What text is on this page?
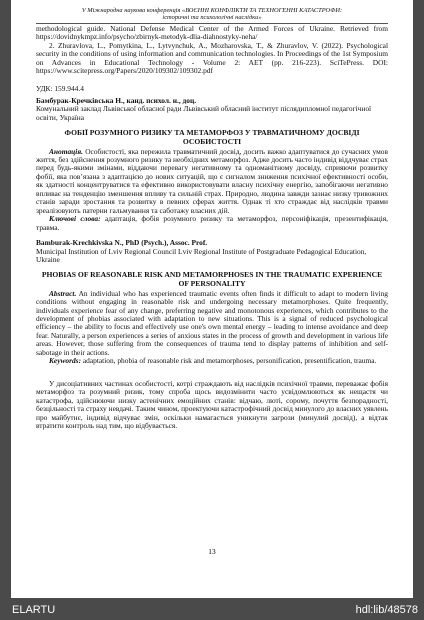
V Міжнародна наукова конференція «ВОЄННІ КОНФЛІКТИ ТА ТЕХНОГЕННІ КАТАСТРОФИ:
історичні та психологічні наслідки»

methodological guide. National Defense Medical Center of the Armed Forces of Ukraine. Retrieved from https://dovidnykmpz.info/psycho/zbirnyk-metodyk-dlia-diahnostyky-neha/

2. Zhuravlova, L., Pomytkina, L., Lytvynchuk, A., Mozharovska, T., & Zhuravlov, V. (2022). Psychological security in the conditions of using information and communication technologies. In Proceedings of the 1st Symposium on Advances in Educational Technology - Volume 2: AET (pp. 216-223). SciTePress. DOI: https://www.scitepress.org/Papers/2020/109302/109302.pdf

УДК: 159.944.4

Бамбурак-Кречківська Н., канд. психол. н., доц.

Комунальний заклад Львівської обласної ради Львівський обласний інститут післядипломної педагогічної освіти, Україна

ФОБІЇ РОЗУМНОГО РИЗИКУ ТА МЕТАМОРФОЗ У ТРАВМАТИЧНОМУ ДОСВІДІ ОСОБИСТОСТІ

Анотація. Особистості, яка пережила травматичний досвід, досить важко адаптуватися до сучасних умов життя, без здійснення розумного ризику та необхідних метаморфоз. Адже досить часто індивід віддчуває страх перед будь-якими змінами, віддаючи перевагу негативному та одноманітному досвіду, сприяючи розвитку фобії, яка пов’язана з адаптацією до нових ситуацій, що є сигналом зниження психічної ефективності особи, як здатності концентруватися та ефективно використовувати власну психічну енергію, запобігаючи негативно впливає на тенденцію зменшення впливу та сильній страх. Природно, людина завжди зазнає низку тривожних станів заради зростання та розвитку в певних сферах життя. Однак ті хто страждає від наслідків травми зреалізовують патерни гальмування та саботажу власних дій.

Ключові слова: адаптація, фобія розумного ризику та метаморфоз, персоніфікація, презентифікація, травма.

Bamburak-Krechkivska N., PhD (Psych.), Assoc. Prof.

Municipal Institution of Lviv Regional Council Lviv Regional Institute of Postgraduate Pedagogical Education, Ukraine

PHOBIAS OF REASONABLE RISK AND METAMORPHOSES IN THE TRAUMATIC EXPERIENCE OF PERSONALITY

Abstract. An individual who has experienced traumatic events often finds it difficult to adapt to modern living conditions without engaging in reasonable risk and undergoing necessary metamorphoses. Quite frequently, individuals experience fear of any change, preferring negative and monotonous experiences, which contributes to the development of phobias associated with adaptation to new situations. This is a signal of reduced psychological efficiency – the ability to focus and effectively use one's own mental energy – leading to intense avoidance and deep fear. Naturally, a person experiences a series of anxious states in the process of growth and development in various life areas. However, those suffering from the consequences of trauma tend to display patterns of inhibition and self-sabotage in their actions.

Keywords: adaptation, phobia of reasonable risk and metamorphoses, personification, presentification, trauma.

У дисоціативних частинах особистості, котрі страждають від наслідків психічної травми, переважає фобія метаморфоз та розумний ризик, тому спроба щось видозмінити часто усвідомлюються як нещастя чи катастрофа, здійснюючи низку астенічних емоційних станів: відчаю, люті, сорому, почуття безпорадності, безцільності та страху невдачі. Таким чином, проектуючи катастрофічний досвід минулого до власних уявлень про майбутнє, індивід відчуває змін, оскільки намагається уникнути загрози (минулий досвід), а відтак втратити контроль над тим, що відбувається.

13
ELARTU	hdl:lib/48578
